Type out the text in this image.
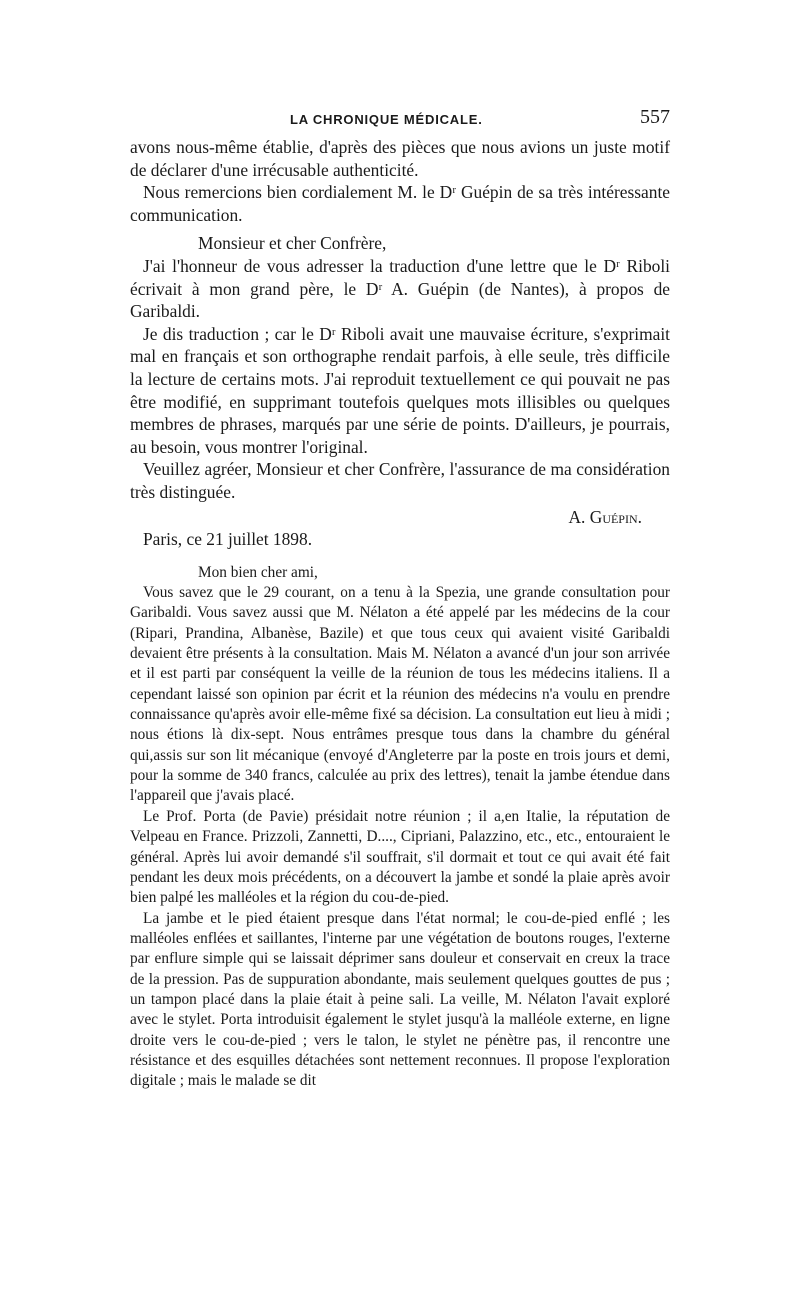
LA CHRONIQUE MÉDICALE.	557

avons nous-même établie, d'après des pièces que nous avions un juste motif de déclarer d'une irrécusable authenticité.

Nous remercions bien cordialement M. le Dʳ Guépin de sa très intéressante communication.

Monsieur et cher Confrère,

J'ai l'honneur de vous adresser la traduction d'une lettre que le Dʳ Riboli écrivait à mon grand père, le Dʳ A. Guépin (de Nantes), à propos de Garibaldi.

Je dis traduction ; car le Dʳ Riboli avait une mauvaise écriture, s'exprimait mal en français et son orthographe rendait parfois, à elle seule, très difficile la lecture de certains mots. J'ai reproduit textuellement ce qui pouvait ne pas être modifié, en supprimant toutefois quelques mots illisibles ou quelques membres de phrases, marqués par une série de points. D'ailleurs, je pourrais, au besoin, vous montrer l'original.

Veuillez agréer, Monsieur et cher Confrère, l'assurance de ma considération très distinguée.

A. Guépin.

Paris, ce 21 juillet 1898.

Mon bien cher ami,

Vous savez que le 29 courant, on a tenu à la Spezia, une grande consultation pour Garibaldi. Vous savez aussi que M. Nélaton a été appelé par les médecins de la cour (Ripari, Prandina, Albanèse, Bazile) et que tous ceux qui avaient visité Garibaldi devaient être présents à la consultation. Mais M. Nélaton a avancé d'un jour son arrivée et il est parti par conséquent la veille de la réunion de tous les médecins italiens. Il a cependant laissé son opinion par écrit et la réunion des médecins n'a voulu en prendre connaissance qu'après avoir elle-même fixé sa décision. La consultation eut lieu à midi ; nous étions là dix-sept. Nous entrâmes presque tous dans la chambre du général qui,assis sur son lit mécanique (envoyé d'Angleterre par la poste en trois jours et demi, pour la somme de 340 francs, calculée au prix des lettres), tenait la jambe étendue dans l'appareil que j'avais placé.

Le Prof. Porta (de Pavie) présidait notre réunion ; il a,en Italie, la réputation de Velpeau en France. Prizzoli, Zannetti, D...., Cipriani, Palazzino, etc., etc., entouraient le général. Après lui avoir demandé s'il souffrait, s'il dormait et tout ce qui avait été fait pendant les deux mois précédents, on a découvert la jambe et sondé la plaie après avoir bien palpé les malléoles et la région du cou-de-pied.

La jambe et le pied étaient presque dans l'état normal; le cou-de-pied enflé ; les malléoles enflées et saillantes, l'interne par une végétation de boutons rouges, l'externe par enflure simple qui se laissait déprimer sans douleur et conservait en creux la trace de la pression. Pas de suppuration abondante, mais seulement quelques gouttes de pus ; un tampon placé dans la plaie était à peine sali. La veille, M. Nélaton l'avait exploré avec le stylet. Porta introduisit également le stylet jusqu'à la malléole externe, en ligne droite vers le cou-de-pied ; vers le talon, le stylet ne pénètre pas, il rencontre une résistance et des esquilles détachées sont nettement reconnues. Il propose l'exploration digitale ; mais le malade se dit
